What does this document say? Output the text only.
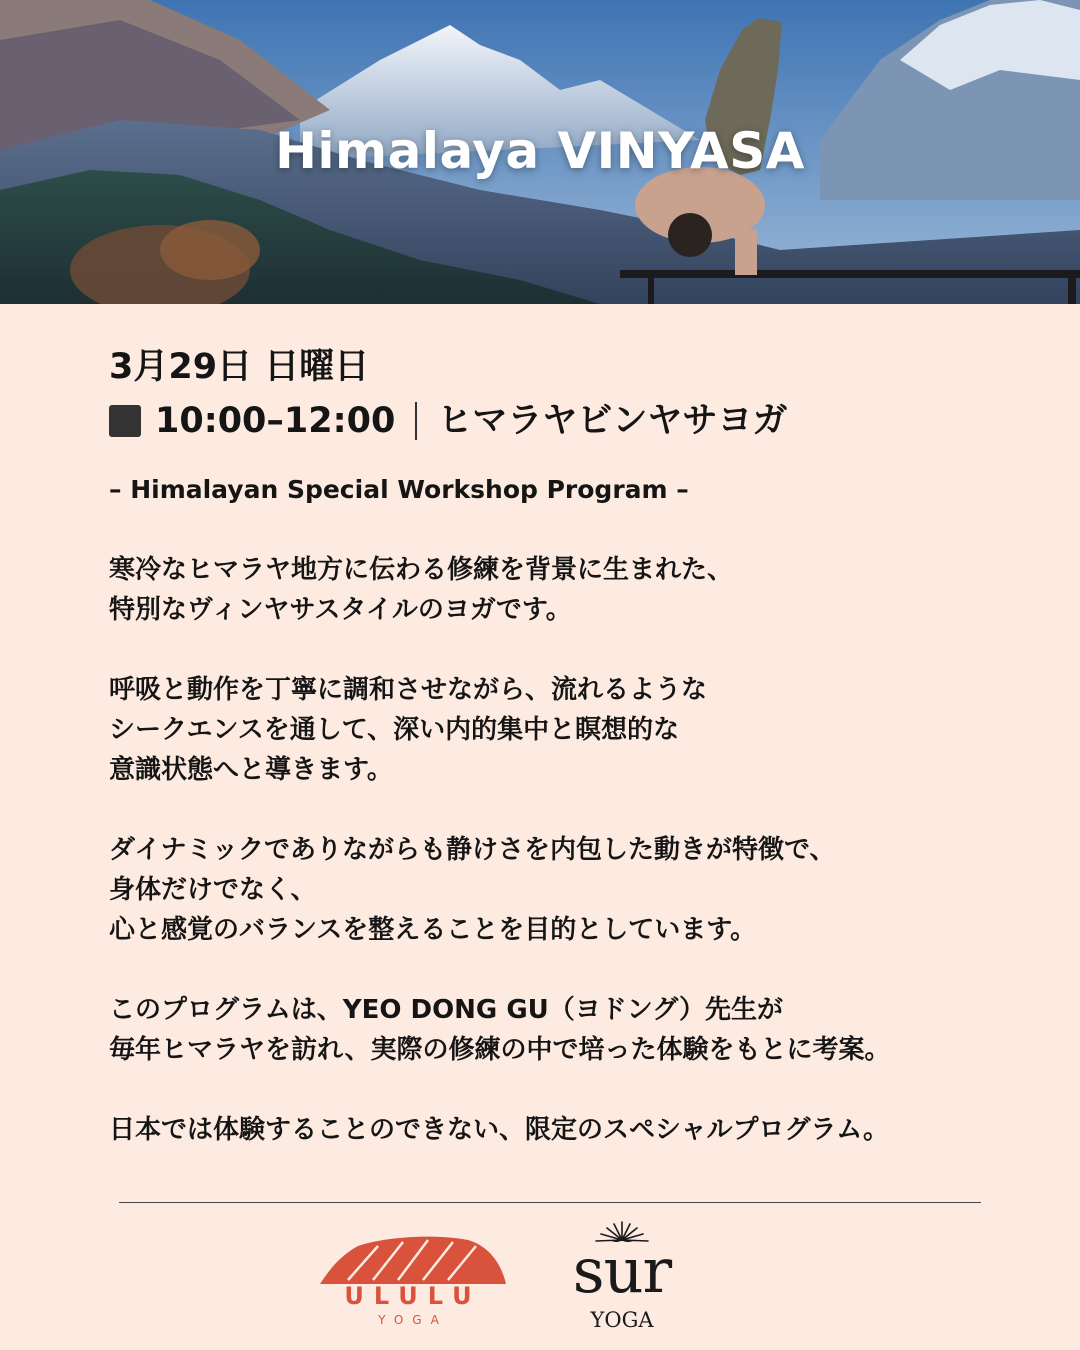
Himalaya VINYASA

3月29日 日曜日

10:00–12:00 ヒマラヤビンヤサヨガ

– Himalayan Special Workshop Program –

寒冷なヒマラヤ地方に伝わる修練を背景に生まれた、
特別なヴィンヤサスタイルのヨガです。

呼吸と動作を丁寧に調和させながら、流れるような
シークエンスを通して、深い内的集中と瞑想的な
意識状態へと導きます。

ダイナミックでありながらも静けさを内包した動きが特徴で、
身体だけでなく、
心と感覚のバランスを整えることを目的としています。

このプログラムは、YEO DONG GU（ヨドング）先生が
毎年ヒマラヤを訪れ、実際の修練の中で培った体験をもとに考案。

日本では体験することのできない、限定のスペシャルプログラム。

ULULU
YOGA
sur
YOGA
